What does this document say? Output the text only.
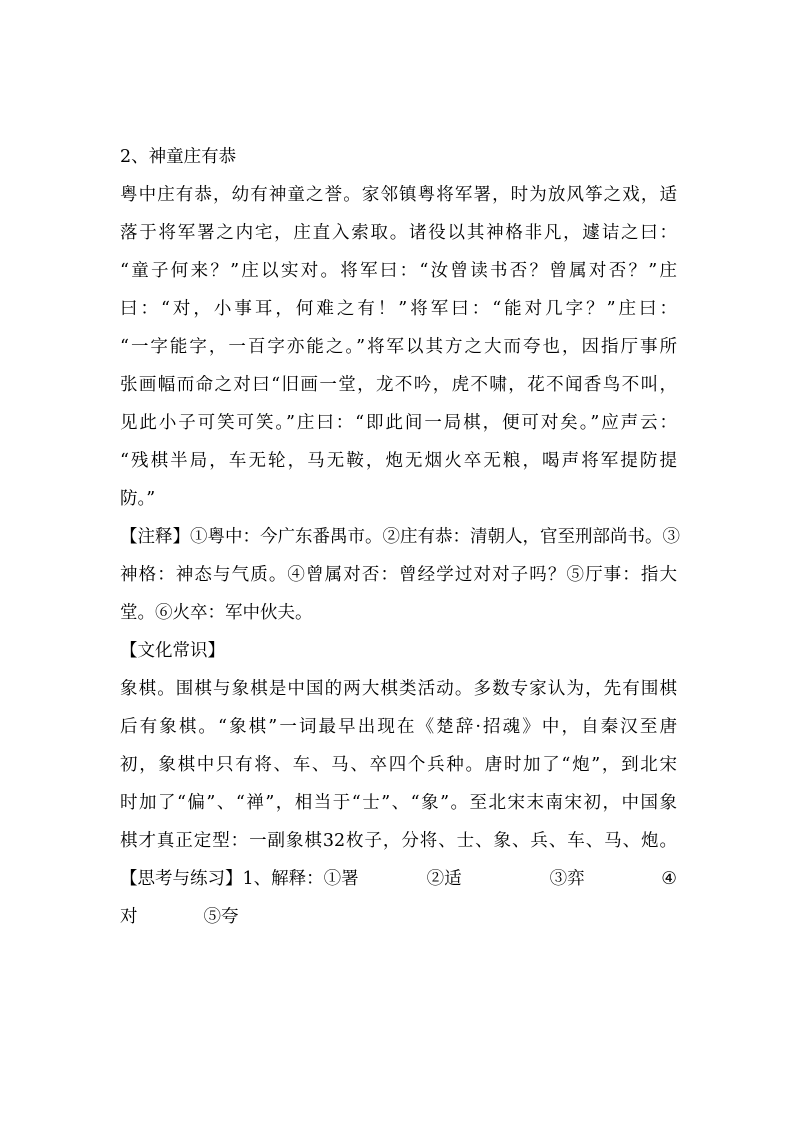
2、神童庄有恭
粤中庄有恭，幼有神童之誉。家邻镇粤将军署，时为放风筝之戏，适
落于将军署之内宅，庄直入索取。诸役以其神格非凡，遽诘之曰：
“童子何来？”庄以实对。将军曰：“汝曾读书否？曾属对否？”庄
曰：“对，小事耳，何难之有！”将军曰：“能对几字？”庄曰：
“一字能字，一百字亦能之。”将军以其方之大而夸也，因指厅事所
张画幅而命之对曰“旧画一堂，龙不吟，虎不啸，花不闻香鸟不叫，
见此小子可笑可笑。”庄曰：“即此间一局棋，便可对矣。”应声云：
“残棋半局，车无轮，马无鞍，炮无烟火卒无粮，喝声将军提防提
防。”
【注释】①粤中：今广东番禺市。②庄有恭：清朝人，官至刑部尚书。③
神格：神态与气质。④曾属对否：曾经学过对对子吗？⑤厅事：指大
堂。⑥火卒：军中伙夫。
【文化常识】
象棋。围棋与象棋是中国的两大棋类活动。多数专家认为，先有围棋
后有象棋。“象棋”一词最早出现在《楚辞·招魂》中，自秦汉至唐
初，象棋中只有将、车、马、卒四个兵种。唐时加了“炮”，到北宋
时加了“偏”、“禅”，相当于“士”、“象”。至北宋末南宋初，中国象
棋才真正定型：一副象棋32枚子，分将、士、象、兵、车、马、炮。
【思考与练习】1、解释：①署	②适	③弈	④
对	⑤夸
